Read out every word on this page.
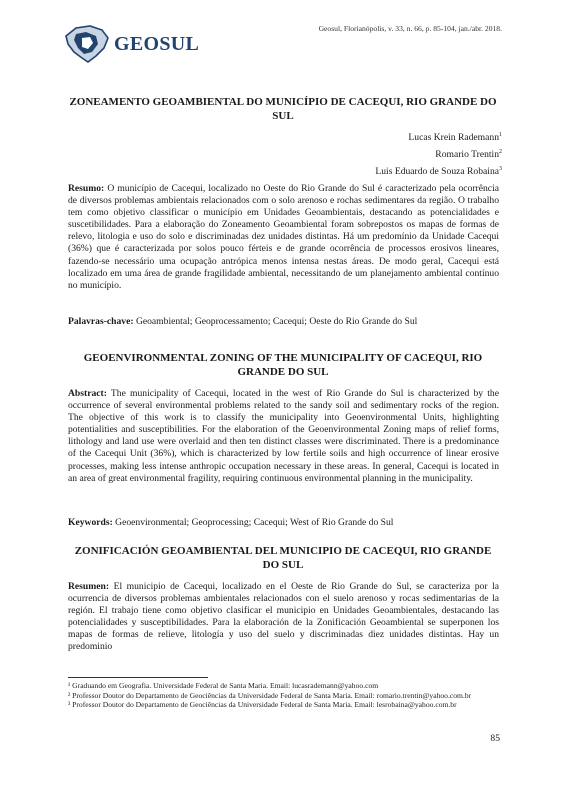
GEOSUL
Geosul, Florianópolis, v. 33, n. 66, p. 85-104, jan./abr. 2018.
ZONEAMENTO GEOAMBIENTAL DO MUNICÍPIO DE CACEQUI, RIO GRANDE DO SUL
Lucas Krein Rademann$^1$
Romario Trentin$^2$
Luis Eduardo de Souza Robaina$^3$
Resumo: O município de Cacequi, localizado no Oeste do Rio Grande do Sul é caracterizado pela ocorrência de diversos problemas ambientais relacionados com o solo arenoso e rochas sedimentares da região. O trabalho tem como objetivo classificar o município em Unidades Geoambientais, destacando as potencialidades e suscetibilidades. Para a elaboração do Zoneamento Geoambiental foram sobrepostos os mapas de formas de relevo, litologia e uso do solo e discriminadas dez unidades distintas. Há um predomínio da Unidade Cacequi (36%) que é caracterizada por solos pouco férteis e de grande ocorrência de processos erosivos lineares, fazendo-se necessário uma ocupação antrópica menos intensa nestas áreas. De modo geral, Cacequi está localizado em uma área de grande fragilidade ambiental, necessitando de um planejamento ambiental contínuo no município.
Palavras-chave: Geoambiental; Geoprocessamento; Cacequi; Oeste do Rio Grande do Sul
GEOENVIRONMENTAL ZONING OF THE MUNICIPALITY OF CACEQUI, RIO GRANDE DO SUL
Abstract: The municipality of Cacequi, located in the west of Rio Grande do Sul is characterized by the occurrence of several environmental problems related to the sandy soil and sedimentary rocks of the region. The objective of this work is to classify the municipality into Geoenvironmental Units, highlighting potentialities and susceptibilities. For the elaboration of the Geoenvironmental Zoning maps of relief forms, lithology and land use were overlaid and then ten distinct classes were discriminated. There is a predominance of the Cacequi Unit (36%), which is characterized by low fertile soils and high occurrence of linear erosive processes, making less intense anthropic occupation necessary in these areas. In general, Cacequi is located in an area of great environmental fragility, requiring continuous environmental planning in the municipality.
Keywords: Geoenvironmental; Geoprocessing; Cacequi; West of Rio Grande do Sul
ZONIFICACIÓN GEOAMBIENTAL DEL MUNICIPIO DE CACEQUI, RIO GRANDE DO SUL
Resumen: El municipio de Cacequi, localizado en el Oeste de Rio Grande do Sul, se caracteriza por la ocurrencia de diversos problemas ambientales relacionados con el suelo arenoso y rocas sedimentarias de la región. El trabajo tiene como objetivo clasificar el municipio en Unidades Geoambientales, destacando las potencialidades y susceptibilidades. Para la elaboración de la Zonificación Geoambiental se superponen los mapas de formas de relieve, litología y uso del suelo y discriminadas diez unidades distintas. Hay un predominio
¹ Graduando em Geografia. Universidade Federal de Santa Maria. Email: lucasrademann@yahoo.com
² Professor Doutor do Departamento de Geociências da Universidade Federal de Santa Maria. Email: romario.trentin@yahoo.com.br
³ Professor Doutor do Departamento de Geociências da Universidade Federal de Santa Maria. Email: lesrobaina@yahoo.com.br
85
